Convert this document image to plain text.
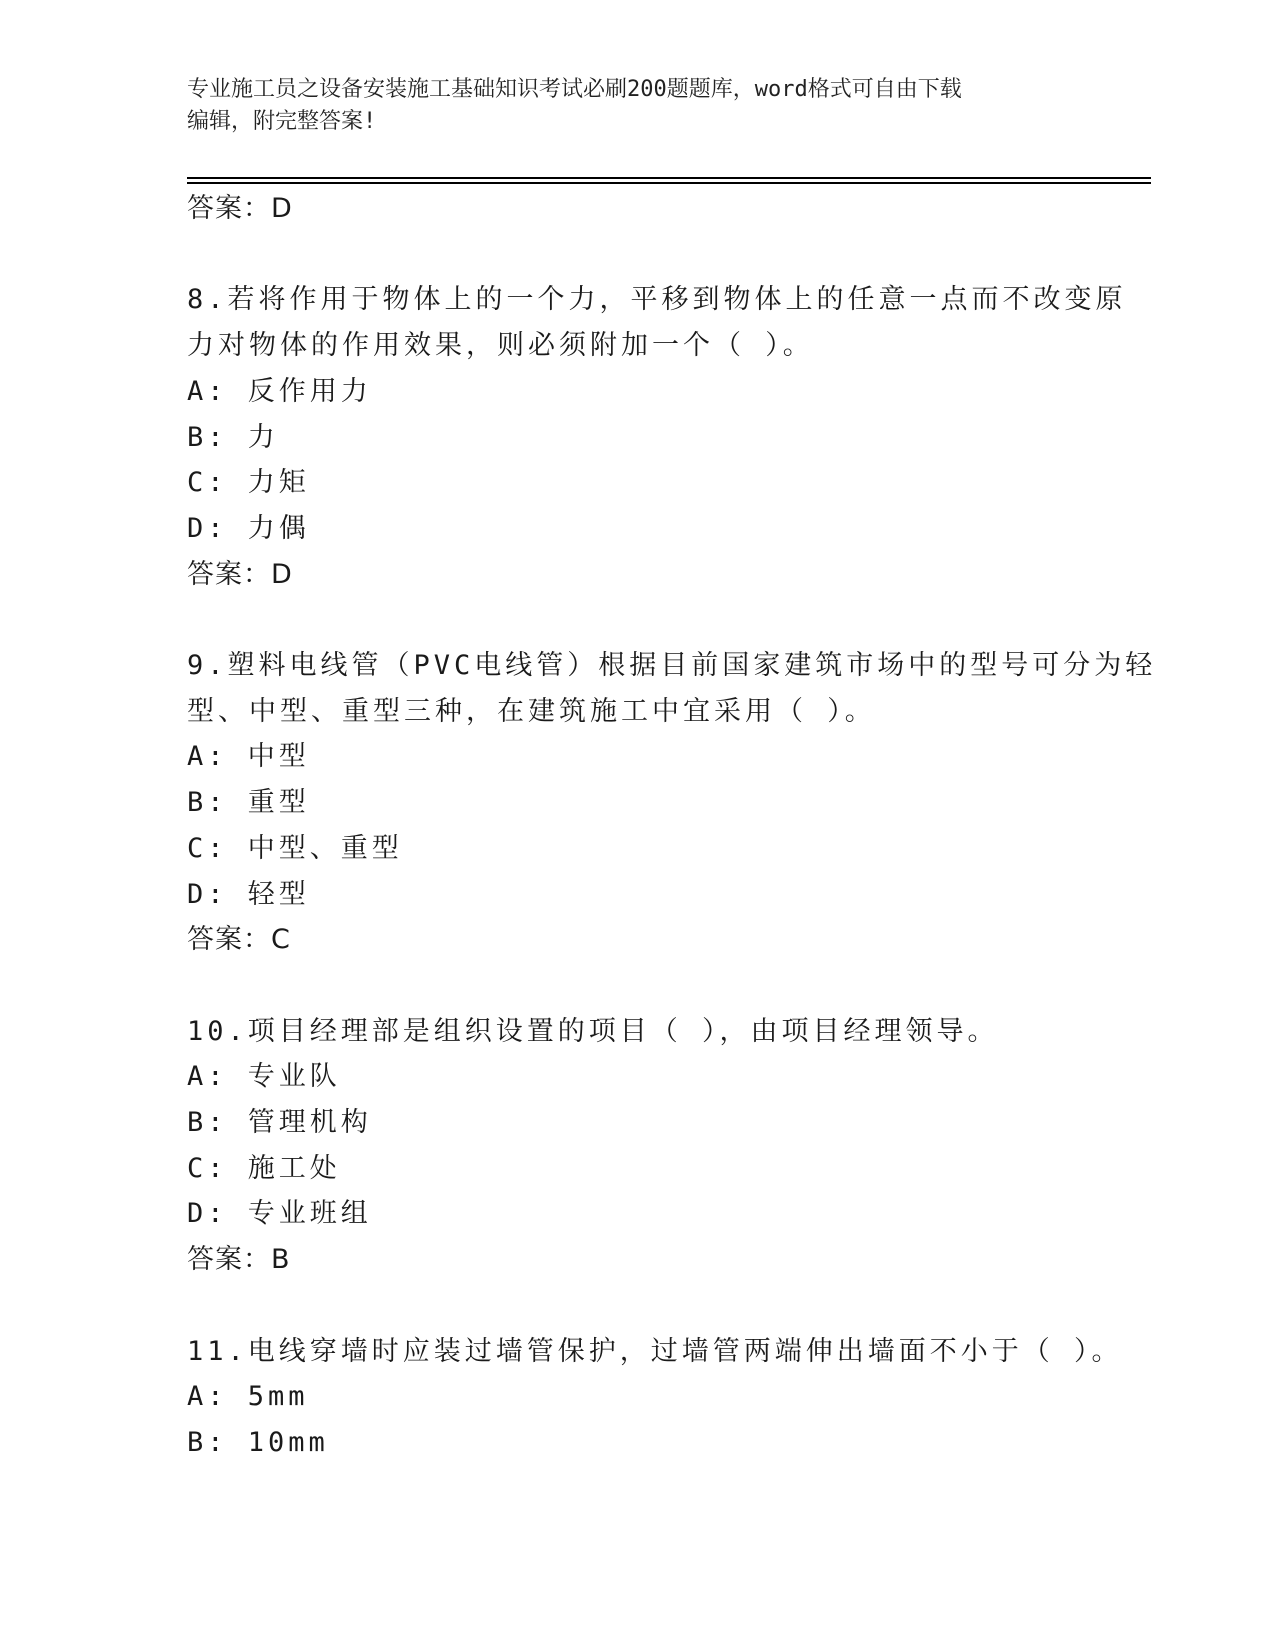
专业施工员之设备安装施工基础知识考试必刷200题题库，word格式可自由下载
编辑，附完整答案!
答案：D
8.若将作用于物体上的一个力，平移到物体上的任意一点而不改变原
力对物体的作用效果，则必须附加一个（ ）。
A: 反作用力
B: 力
C: 力矩
D: 力偶
答案：D
9.塑料电线管（PVC电线管）根据目前国家建筑市场中的型号可分为轻
型、中型、重型三种，在建筑施工中宜采用（ ）。
A: 中型
B: 重型
C: 中型、重型
D: 轻型
答案：C
10.项目经理部是组织设置的项目（ ），由项目经理领导。
A: 专业队
B: 管理机构
C: 施工处
D: 专业班组
答案：B
11.电线穿墙时应装过墙管保护，过墙管两端伸出墙面不小于（ ）。
A: 5mm
B: 10mm
